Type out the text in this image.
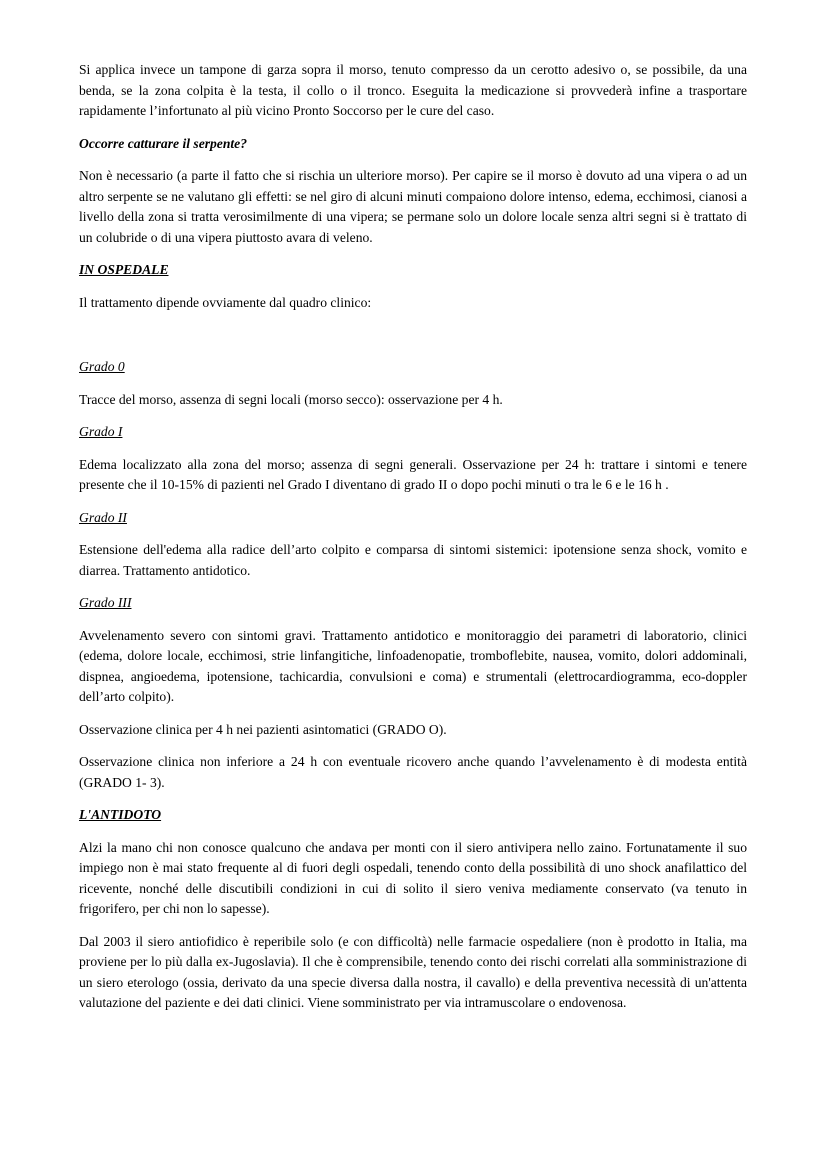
Si applica invece un tampone di garza sopra il morso, tenuto compresso da un cerotto adesivo o, se possibile, da una benda, se la zona colpita è la testa, il collo o il tronco. Eseguita la medicazione si provvederà infine a trasportare rapidamente l’infortunato al più vicino Pronto Soccorso per le cure del caso.

Occorre catturare il serpente?

Non è necessario (a parte il fatto che si rischia un ulteriore morso). Per capire se il morso è dovuto ad una vipera o ad un altro serpente se ne valutano gli effetti: se nel giro di alcuni minuti compaiono dolore intenso, edema, ecchimosi, cianosi a livello della zona si tratta verosimilmente di una vipera; se permane solo un dolore locale senza altri segni si è trattato di un colubride o di una vipera piuttosto avara di veleno.

IN OSPEDALE

Il trattamento dipende ovviamente dal quadro clinico:

Grado 0

Tracce del morso, assenza di segni locali (morso secco): osservazione per 4 h.

Grado I

Edema localizzato alla zona del morso; assenza di segni generali. Osservazione per 24 h: trattare i sintomi e tenere presente che il 10-15% di pazienti nel Grado I diventano di grado II o dopo pochi minuti o tra le 6 e le 16 h .

Grado II

Estensione dell'edema alla radice dell’arto colpito e comparsa di sintomi sistemici: ipotensione senza shock, vomito e diarrea. Trattamento antidotico.

Grado III

Avvelenamento severo con sintomi gravi. Trattamento antidotico e monitoraggio dei parametri di laboratorio, clinici (edema, dolore locale, ecchimosi, strie linfangitiche, linfoadenopatie, tromboflebite, nausea, vomito, dolori addominali, dispnea, angioedema, ipotensione, tachicardia, convulsioni e coma) e strumentali (elettrocardiogramma, eco-doppler dell’arto colpito).

Osservazione clinica per 4 h nei pazienti asintomatici (GRADO O).

Osservazione clinica non inferiore a 24 h con eventuale ricovero anche quando l’avvelenamento è di modesta entità (GRADO 1- 3).

L'ANTIDOTO

Alzi la mano chi non conosce qualcuno che andava per monti con il siero antivipera nello zaino. Fortunatamente il suo impiego non è mai stato frequente al di fuori degli ospedali, tenendo conto della possibilità di uno shock anafilattico del ricevente, nonché delle discutibili condizioni in cui di solito il siero veniva mediamente conservato (va tenuto in frigorifero, per chi non lo sapesse).

Dal 2003 il siero antiofidico è reperibile solo (e con difficoltà) nelle farmacie ospedaliere (non è prodotto in Italia, ma proviene per lo più dalla ex-Jugoslavia). Il che è comprensibile, tenendo conto dei rischi correlati alla somministrazione di un siero eterologo (ossia, derivato da una specie diversa dalla nostra, il cavallo) e della preventiva necessità di un'attenta valutazione del paziente e dei dati clinici. Viene somministrato per via intramuscolare o endovenosa.
